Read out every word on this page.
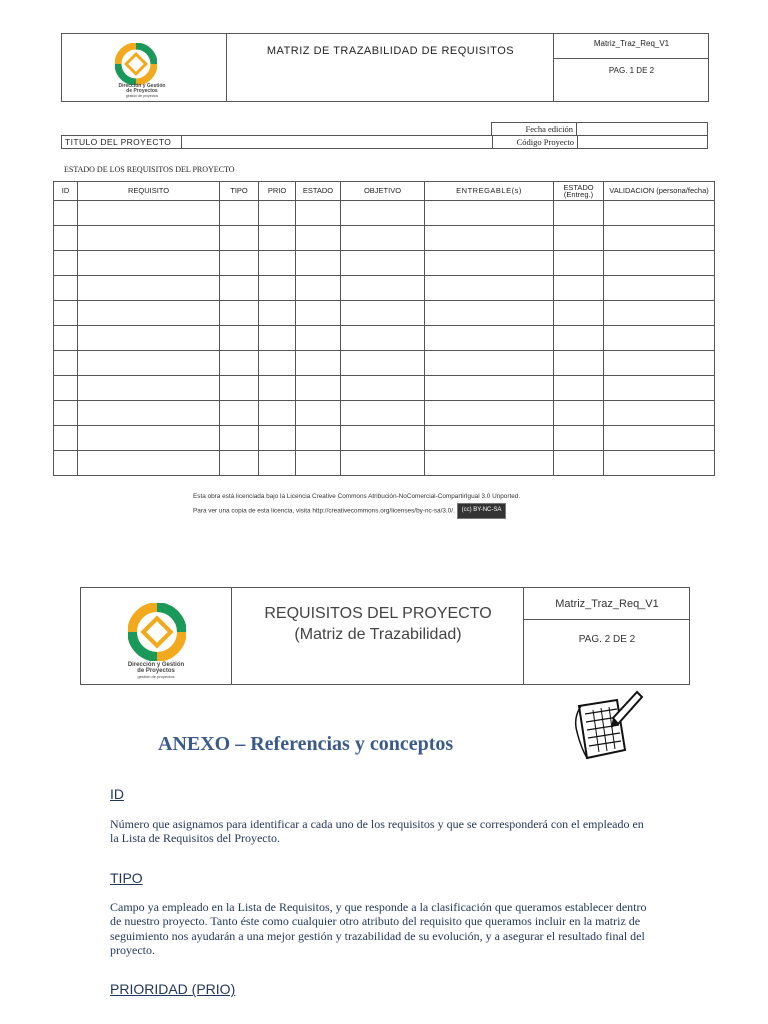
Dirección y Gestión
de Proyectos
gestión de proyectos
MATRIZ DE TRAZABILIDAD DE REQUISITOS
Matriz_Traz_Req_V1
PAG. 1 DE 2
Fecha edición	
TITULO DEL PROYECTO		Código Proyecto	
ESTADO DE LOS REQUISITOS DEL PROYECTO
ID	REQUISITO	TIPO	PRIO	ESTADO	OBJETIVO	ENTREGABLE(s)	ESTADO (Entreg.)	VALIDACION (persona/fecha)

Esta obra está licenciada bajo la Licencia Creative Commons Atribución-NoComercial-CompartirIgual 3.0 Unported.
Para ver una copia de esta licencia, visita http://creativecommons.org/licenses/by-nc-sa/3.0/. (cc) BY-NC-SA
Dirección y Gestión
de Proyectos
gestión de proyectos
REQUISITOS DEL PROYECTO
(Matriz de Trazabilidad)
Matriz_Traz_Req_V1
PAG. 2 DE 2
ANEXO – Referencias y conceptos
ID
Número que asignamos para identificar a cada uno de los requisitos y que se corresponderá con el empleado en la Lista de Requisitos del Proyecto.
TIPO
Campo ya empleado en la Lista de Requisitos, y que responde a la clasificación que queramos establecer dentro de nuestro proyecto. Tanto éste como cualquier otro atributo del requisito que queramos incluir en la matriz de seguimiento nos ayudarán a una mejor gestión y trazabilidad de su evolución, y a asegurar el resultado final del proyecto.
PRIORIDAD (PRIO)
